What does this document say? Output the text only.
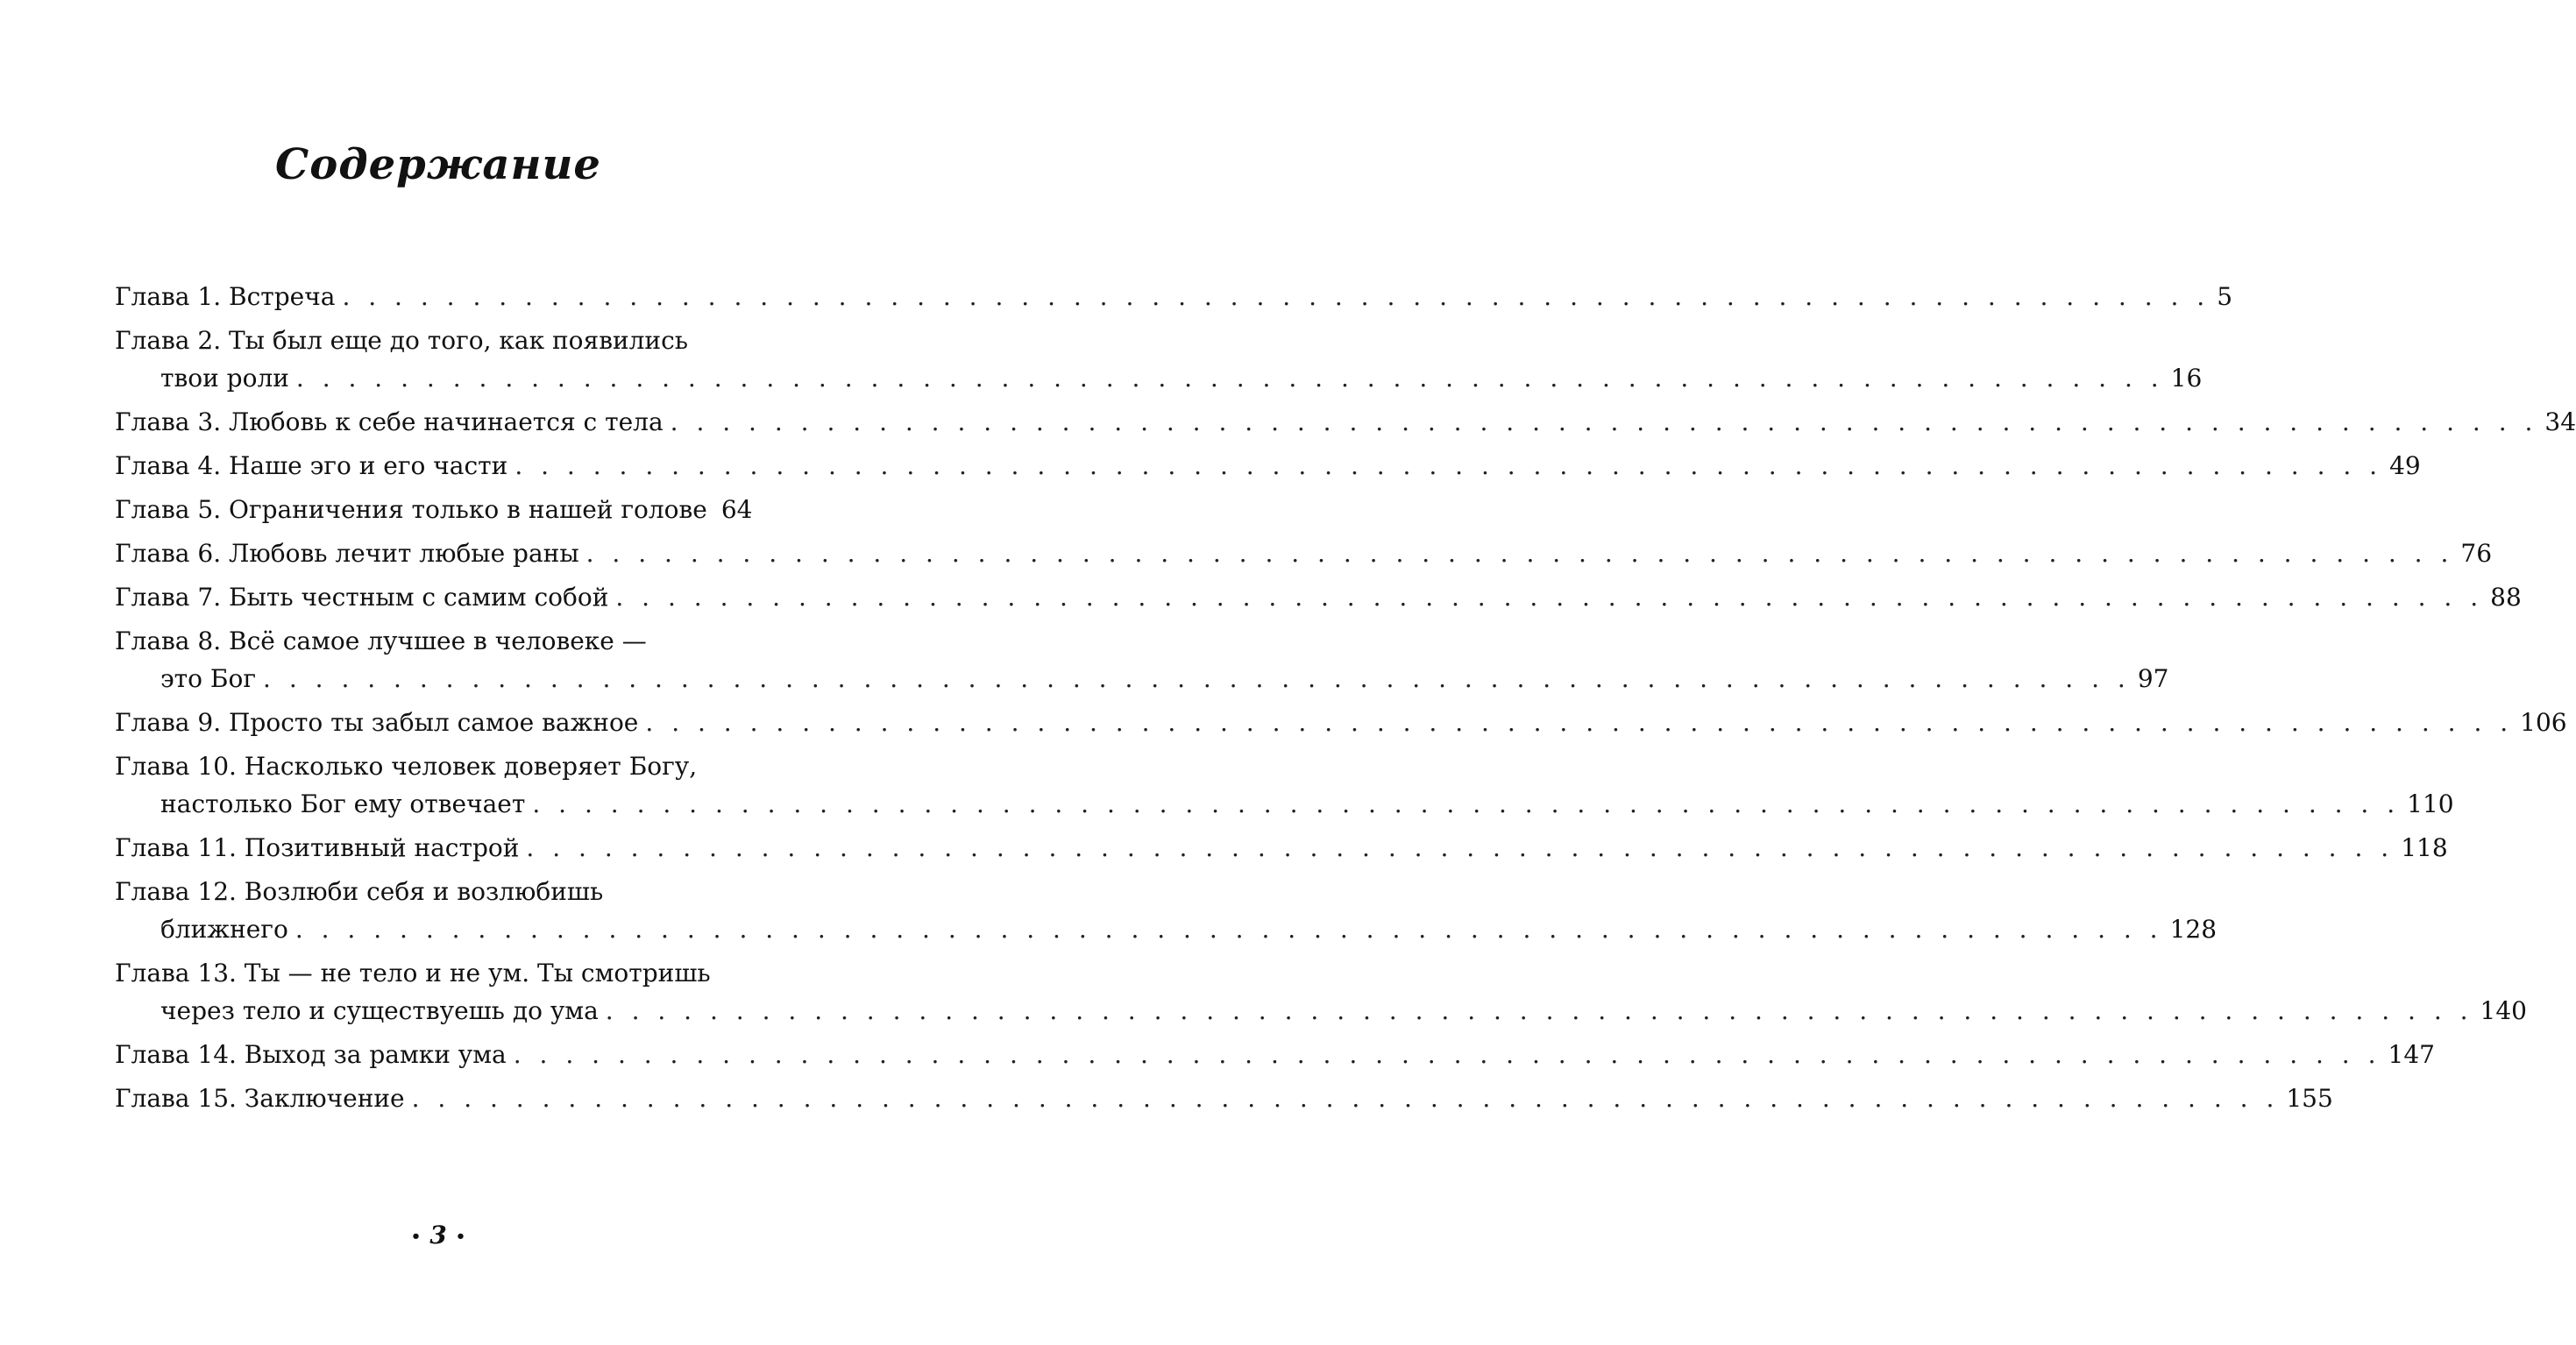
Содержание
Глава 1. Встреча . . . . . . . . . . . . . . . . . . . . . . . . . . . . . . . . . . . . . . . . . . . . . . . . . . . . . . . . . . . . . . . . . . . . . . . . 5
Глава 2. Ты был еще до того, как появились
твои роли . . . . . . . . . . . . . . . . . . . . . . . . . . . . . . . . . . . . . . . . . . . . . . . . . . . . . . . . . . . . . . . . . . . . . . . . 16
Глава 3. Любовь к себе начинается с тела . . . . . . . . . . . . . . . . . . . . . . . . . . . . . . . . . . . . . . . . . . . . . . . . . . . . . . . . . . . . . . . . . . . . . . . . 34
Глава 4. Наше эго и его части . . . . . . . . . . . . . . . . . . . . . . . . . . . . . . . . . . . . . . . . . . . . . . . . . . . . . . . . . . . . . . . . . . . . . . . . 49
Глава 5. Ограничения только в нашей голове 64
Глава 6. Любовь лечит любые раны . . . . . . . . . . . . . . . . . . . . . . . . . . . . . . . . . . . . . . . . . . . . . . . . . . . . . . . . . . . . . . . . . . . . . . . . 76
Глава 7. Быть честным с самим собой . . . . . . . . . . . . . . . . . . . . . . . . . . . . . . . . . . . . . . . . . . . . . . . . . . . . . . . . . . . . . . . . . . . . . . . . 88
Глава 8. Всё самое лучшее в человеке —
это Бог . . . . . . . . . . . . . . . . . . . . . . . . . . . . . . . . . . . . . . . . . . . . . . . . . . . . . . . . . . . . . . . . . . . . . . . . 97
Глава 9. Просто ты забыл самое важное . . . . . . . . . . . . . . . . . . . . . . . . . . . . . . . . . . . . . . . . . . . . . . . . . . . . . . . . . . . . . . . . . . . . . . . . 106
Глава 10. Насколько человек доверяет Богу,
настолько Бог ему отвечает . . . . . . . . . . . . . . . . . . . . . . . . . . . . . . . . . . . . . . . . . . . . . . . . . . . . . . . . . . . . . . . . . . . . . . . . 110
Глава 11. Позитивный настрой . . . . . . . . . . . . . . . . . . . . . . . . . . . . . . . . . . . . . . . . . . . . . . . . . . . . . . . . . . . . . . . . . . . . . . . . 118
Глава 12. Возлюби себя и возлюбишь
ближнего . . . . . . . . . . . . . . . . . . . . . . . . . . . . . . . . . . . . . . . . . . . . . . . . . . . . . . . . . . . . . . . . . . . . . . . . 128
Глава 13. Ты — не тело и не ум. Ты смотришь
через тело и существуешь до ума . . . . . . . . . . . . . . . . . . . . . . . . . . . . . . . . . . . . . . . . . . . . . . . . . . . . . . . . . . . . . . . . . . . . . . . . 140
Глава 14. Выход за рамки ума . . . . . . . . . . . . . . . . . . . . . . . . . . . . . . . . . . . . . . . . . . . . . . . . . . . . . . . . . . . . . . . . . . . . . . . . 147
Глава 15. Заключение . . . . . . . . . . . . . . . . . . . . . . . . . . . . . . . . . . . . . . . . . . . . . . . . . . . . . . . . . . . . . . . . . . . . . . . . 155
• 3 •
